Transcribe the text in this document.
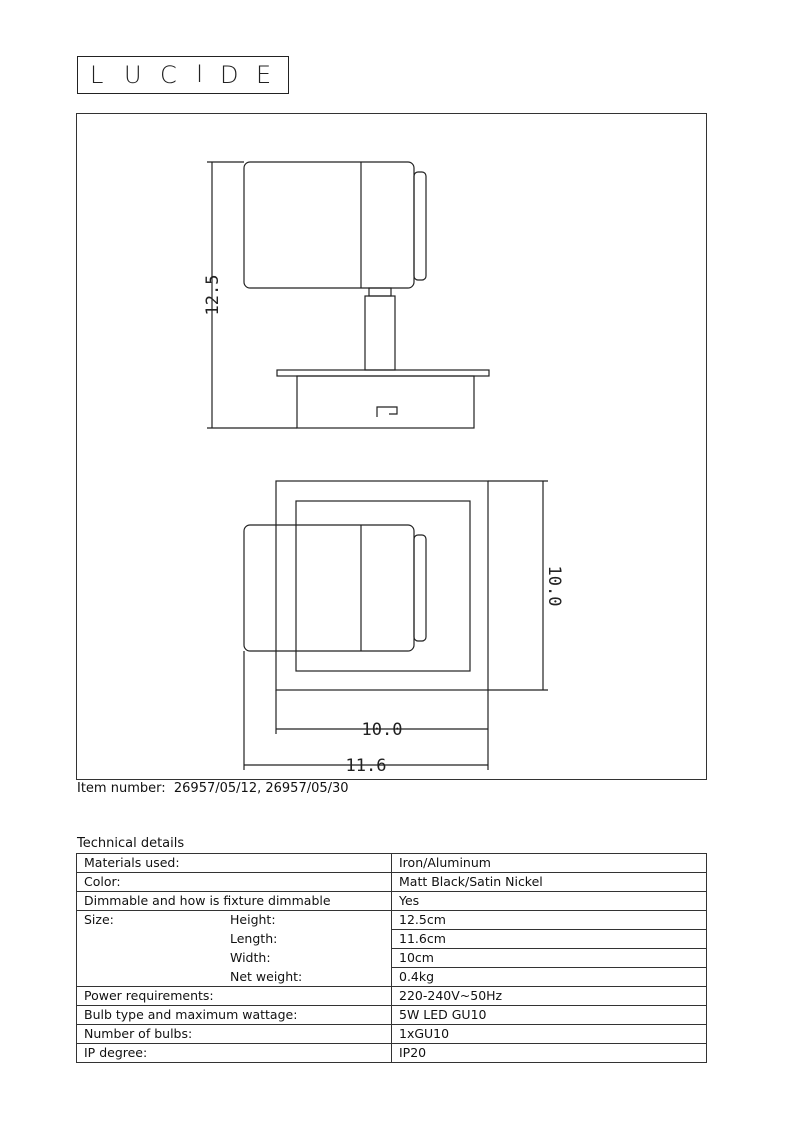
L U C I D E
12.5
10.0
10.0
11.6
Item number: 26957/05/12, 26957/05/30
Technical details
Materials used:	Iron/Aluminum
Color:	Matt Black/Satin Nickel
Dimmable and how is fixture dimmable	Yes
Size: Height:	12.5cm
Length:	11.6cm
Width:	10cm
Net weight:	0.4kg
Power requirements:	220-240V~50Hz
Bulb type and maximum wattage:	5W LED GU10
Number of bulbs:	1xGU10
IP degree:	IP20
